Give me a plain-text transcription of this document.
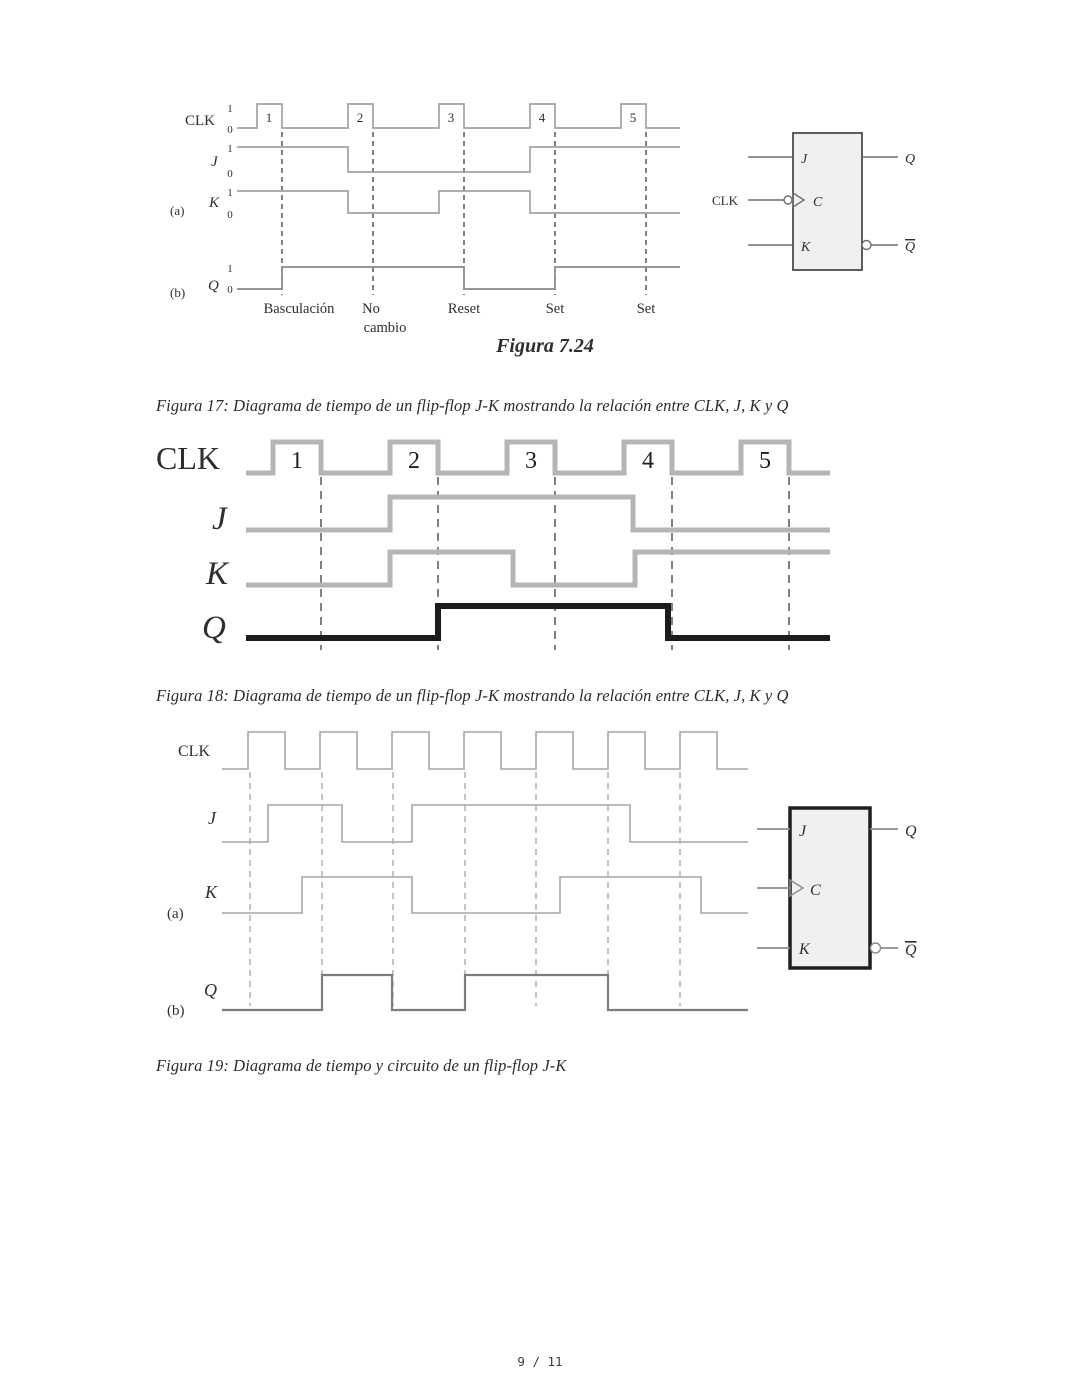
1	2	3	4	5
CLK
1
0
J
1
0
(a) K
1
0
(b) Q
1
0
Basculación No
cambio
Reset	Set	Set
Figura 7.24
CLK
J
C
K
Q
Q

Figura 17: Diagrama de tiempo de un flip-flop J-K mostrando la relación entre CLK, J, K y Q

1	2	3	4	5
CLK
J
K
Q

Figura 18: Diagrama de tiempo de un flip-flop J-K mostrando la relación entre CLK, J, K y Q

CLK
J
K
(a)
Q
(b)
J
C
K
Q
Q

Figura 19: Diagrama de tiempo y circuito de un flip-flop J-K

9 / 11
